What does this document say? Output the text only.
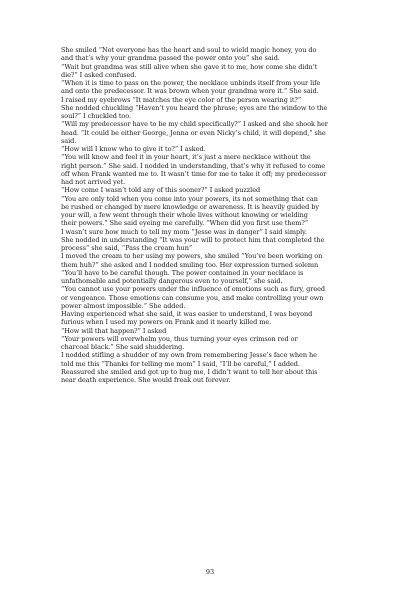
She smiled “Not everyone has the heart and soul to wield magic honey, you do
and that’s why your grandma passed the power onto you” she said.
“Wait but grandma was still alive when she gave it to me, how come she didn’t
die?” I asked confused.
“When it is time to pass on the power, the necklace unbinds itself from your life
and onto the predecessor. It was brown when your grandma wore it.” She said.
I raised my eyebrows “It matches the eye color of the person wearing it?”
She nodded chuckling “Haven’t you heard the phrase; eyes are the window to the
soul?” I chuckled too.
“Will my predecessor have to be my child specifically?” I asked and she shook her
head. “It could be either George, Jenna or even Nicky’s child, it will depend,” she
said.
“How will I know who to give it to?” I asked.
“You will know and feel it in your heart, it’s just a mere necklace without the
right person.” She said. I nodded in understanding, that’s why it refused to come
off when Frank wanted me to. It wasn’t time for me to take it off; my predecessor
had not arrived yet.
“How come I wasn’t told any of this sooner?” I asked puzzled
“You are only told when you come into your powers, its not something that can
be rushed or changed by mere knowledge or awareness. It is heavily guided by
your will, a few went through their whole lives without knowing or wielding
their powers.” She said eyeing me carefully. “When did you first use them?”
I wasn’t sure how much to tell my mom “Jesse was in danger” I said simply.
She nodded in understanding “It was your will to protect him that completed the
process” she said, “Pass the cream hun”
I moved the cream to her using my powers, she smiled “You’ve been working on
them huh?” she asked and I nodded smiling too. Her expression turned solemn
“You’ll have to be careful though. The power contained in your necklace is
unfathomable and potentially dangerous even to yourself,” she said.
“You cannot use your powers under the influence of emotions such as fury, greed
or vengeance. Those emotions can consume you, and make controlling your own
power almost impossible.” She added.
Having experienced what she said, it was easier to understand, I was beyond
furious when I used my powers on Frank and it nearly killed me.
“How will that happen?” I asked
“Your powers will overwhelm you, thus turning your eyes crimson red or
charcoal black.” She said shuddering.
I nodded stifling a shudder of my own from remembering Jesse’s face when he
told me this “Thanks for telling me mom” I said, “I’ll be careful,” I added.
Reassured she smiled and got up to hug me, I didn’t want to tell her about this
near death experience. She would freak out forever.
93
